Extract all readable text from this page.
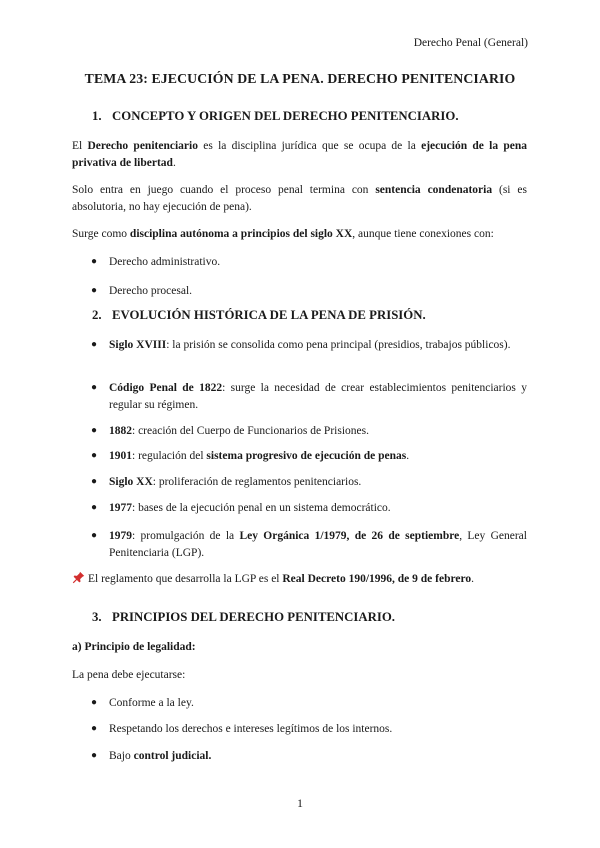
Derecho Penal (General)
TEMA 23: EJECUCIÓN DE LA PENA. DERECHO PENITENCIARIO
1. CONCEPTO Y ORIGEN DEL DERECHO PENITENCIARIO.
El Derecho penitenciario es la disciplina jurídica que se ocupa de la ejecución de la pena privativa de libertad.
Solo entra en juego cuando el proceso penal termina con sentencia condenatoria (si es absolutoria, no hay ejecución de pena).
Surge como disciplina autónoma a principios del siglo XX, aunque tiene conexiones con:
● Derecho administrativo.
● Derecho procesal.
2. EVOLUCIÓN HISTÓRICA DE LA PENA DE PRISIÓN.
● Siglo XVIII: la prisión se consolida como pena principal (presidios, trabajos públicos).
● Código Penal de 1822: surge la necesidad de crear establecimientos penitenciarios y regular su régimen.
● 1882: creación del Cuerpo de Funcionarios de Prisiones.
● 1901: regulación del sistema progresivo de ejecución de penas.
● Siglo XX: proliferación de reglamentos penitenciarios.
● 1977: bases de la ejecución penal en un sistema democrático.
● 1979: promulgación de la Ley Orgánica 1/1979, de 26 de septiembre, Ley General Penitenciaria (LGP).
El reglamento que desarrolla la LGP es el Real Decreto 190/1996, de 9 de febrero.
3. PRINCIPIOS DEL DERECHO PENITENCIARIO.
a) Principio de legalidad:
La pena debe ejecutarse:
● Conforme a la ley.
● Respetando los derechos e intereses legítimos de los internos.
● Bajo control judicial.
1
